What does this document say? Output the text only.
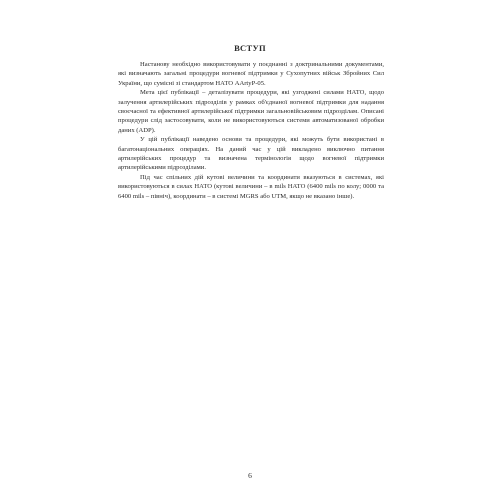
ВСТУП

Настанову необхідно використовувати у поєднанні з доктринальними документами, які визначають загальні процедури вогневої підтримки у Сухопутних військ Збройних Сил України, що сумісні зі стандартом НАТО ААrtyP-05.

Мета цієї публікації – деталізувати процедури, які узгоджені силами НАТО, щодо залучення артилерійських підрозділів у рамках об'єднаної вогневої підтримки для надання своєчасної та ефективної артилерійської підтримки загальновійськовим підрозділам. Описані процедури слід застосовувати, коли не використовуються системи автоматизованої обробки даних (ADP).

У цій публікації наведено основи та процедури, які можуть бути використані в багатонаціональних операціях. На даний час у цій викладено виключно питання артилерійських процедур та визначена термінологія щодо вогневої підтримки артилерійськими підрозділами.

Під час спільних дій кутові величини та координати вказуються в системах, які використовуються в силах НАТО (кутові величини – в mils НАТО (6400 mils по колу; 0000 та 6400 mils – північ), координати – в системі MGRS або UTM, якщо не вказано інше).

6
